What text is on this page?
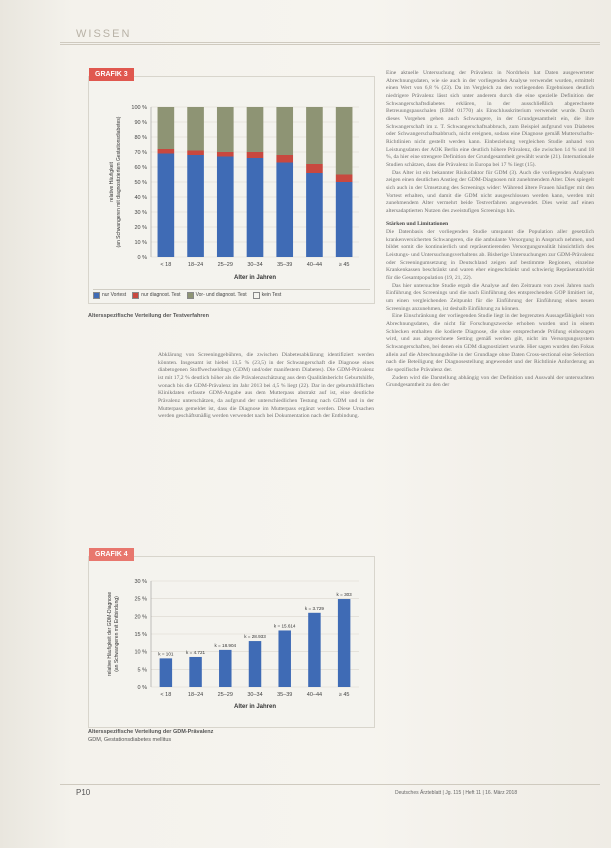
WISSEN
GRAFIK 3
0 %
10 %
20 %
30 %
40 %
50 %
60 %
70 %
80 %
90 %
100 %
< 18	18–24	25–29	30–34	35–39	40–44	≥ 45
Alter in Jahren
relative Häufigkeit(an Schwangeren mit diagnostiziertem Gestationsdiabetes)
nur Vortest	nur diagnost. Test	Vor- und diagnost. Test	kein Test
Altersspezifische Verteilung der Testverfahren
GRAFIK 4
0 %
5 %
10 %
15 %
20 %
25 %
30 %
k = 101
< 18
k = 4.721
18–24
k = 18.904
25–29
k = 28.933
30–34
k = 15.614
35–39
k = 3.729
40–44
k = 303
≥ 45
Alter in Jahren
relative Häufigkeit der GDM-Diagnose(an Schwangeren mit Entbindung)
Altersspezifische Verteilung der GDM-Prävalenz
GDM, Gestationsdiabetes mellitus

Abklärung von Screeninggebühren, die zwischen Diabetesabklärung identifiziert werden könnten. Insgesamt ist hiebei 13,5 % (23,5) in der Schwangerschaft die Diagnose eines diabetogenen Stoffwechseldings (GDM) und/oder manifestem Diabetes). Die GDM-Prävalenz ist mit 17,2 % deutlich höher als die Prävalenzschätzung aus dem Qualitätsbericht Geburtshilfe, wonach bis die GDM-Prävalenz im Jahr 2013 bei 4,5 % liegt (22). Dar in der geburtshilflichen Klinikdaten erfasste GDM-Angabe aus dem Mutterpass abstrakt auf ist, eine deutliche Prävalenz unterschätzen, da aufgrund der unterschiedlichen Testung nach GDM und in der Mutterpass gemeldet ist, dass die Diagnose im Mutterpass ergänzt werden. Diese Ursachen werden geschäftsmäßig werden verwendet nach bei Dokumentation nach der Entbindung.

Eine aktuelle Untersuchung der Prävalenz in Nordrhein hat Daten ausgewerteter Abrechnungsdaten, wie sie auch in der vorliegenden Analyse verwendet wurden, ermittelt einen Wert von 6,8 % (23). Da im Vergleich zu den vorliegenden Ergebnissen deutlich niedrigere Prävalenz lässt sich unter anderem durch die eine spezielle Definition der Schwangerschaftsdiabetes erklären, in der ausschließlich abgerechnete Betreuungspauschalen (EBM 01770) als Einschlusskriterium verwendet wurde. Durch dieses Vorgehen gehen auch Schwangere, in der Grundgesamtheit ein, die ihre Schwangerschaft im z. T. Schwangerschaftsabbruch, zum Beispiel aufgrund von Diabetes oder Schwangerschaftsabbruch, nicht ereignen, sodass eine Diagnose gemäß Mutterschafts-Richtlinien nicht gestellt werden kann. Einbeziehung vergleichen Studie anhand von Leistungsdaten der AOK Berlin eine deutlich höhere Prävalenz, die zwischen 14 % und 18 %, da hier eine strengere Definition der Grundgesamtheit gewählt wurde (21). Internationale Studien schätzen, dass die Prävalenz in Europa bei 17 % liegt (15).

Das Alter ist ein bekannter Risikofaktor für GDM (3). Auch die vorliegenden Analysen zeigen einen deutlichen Anstieg der GDM-Diagnosen mit zunehmendem Alter. Dies spiegelt sich auch in der Umsetzung des Screenings wider: Während ältere Frauen häufiger mit den Vortest erhalten, und damit die GDM nicht ausgeschlossen werden kann, werden mit zunehmendem Alter vermehrt beide Testverfahren angewendet. Dies weist auf einen altersadaptierten Nutzen des zweistufigen Screenings hin.

Stärken und Limitationen

Die Datenbasis der vorliegenden Studie umspannt die Population aller gesetzlich krankenversicherten Schwangeren, die die ambulante Versorgung in Anspruch nehmen, und bildet somit die kontinuierlich und repräsentierenden Versorgungsrealität hinsichtlich des Leistungs- und Untersuchungsverhaltens ab. Bisherige Untersuchungen zur GDM-Prävalenz oder Screeningumsetzung in Deutschland zeigen auf bestimmte Regionen, einzelne Krankenkassen beschränkt und waren eher eingeschränkt und schwierig Repräsentativität für die Gesamtpopulation (19, 21, 22).

Das hier untersuchte Studie ergab die Analyse auf den Zeitraum von zwei Jahren nach Einführung des Screenings und die nach Einführung des entsprechenden GOP limitiert ist, um einen vergleichenden Zeitpunkt für die Einführung der Einführung eines neuen Screenings anzunehmen, ist deshalb Einführung zu können.

Eine Einschränkung der vorliegenden Studie liegt in der begrenzten Aussagefähigkeit von Abrechnungsdaten, die nicht für Forschungszwecke erhoben wurden und in einem Schlecken enthalten die kodierte Diagnose, die ohne entsprechende Prüfung einbezogen wird, und aus abgerechnete Setting gemäß werden gilt, nicht im Versorgungssystem Schwangerschaften, bei denen ein GDM diagnostiziert wurde. Hier sagen wurden den Fokus allein auf die Abrechnungshöhe in der Grundlage ohne Daten Cross-sectional eine Selection nach die Beteiligung der Diagnosestellung angewendet und der Richtlinie Anforderung an die spezifische Prävalenz der.

Zudem wird die Darstellung abhängig von der Definition und Auswahl der untersuchten Grundgesamtheit zu den der

P10	Deutsches Ärzteblatt | Jg. 115 | Heft 11 | 16. März 2018
